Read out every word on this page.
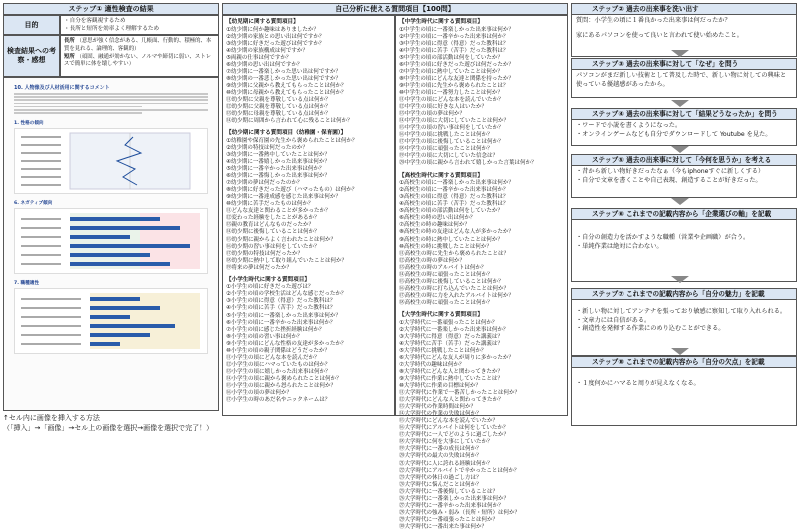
ステップ① 適性検査の結果
目的	・自分を客観視するため
・長所と短所を効率よく理解するため
検査結果への考察・感想
長所 （意思が強く信念がある、几帳面、行動的、積極的、本質を見れる、論理的、客観的）
短所 （頑固、融通が効かない、ノルマや締切に弱い、ストレスで簡単に体を壊しやすい）
10. 人物像及び人材活用に関するコメント
1. 性格の傾向
6. ネガティブ傾向
7. 職種適性
自己分析に使える質問項目【100問】
【幼児期に関する質問項目】
①幼少期に何か趣味はありましたか？
②幼少期の家族との思い出は何ですか？
③幼少期に好きだった遊びは何ですか？
④幼少期の家族構成は何ですか？
⑤両親の仕事は何ですか？
⑥幼少期の思い出は何ですか？
⑦幼少期に一番楽しかった思い出は何ですか？
⑧幼少期の一番悲しかった思い出は何ですか？
⑨幼少期に父親から教えてもらったことは何か？
⑩幼少期に母親から教えてもらったことは何か？
⑪幼少期に父親を尊敬している点は何か？
⑫幼少期に父親を尊敬している点は何か？
⑬幼少期に母親を尊敬している点は何か？
⑭幼少期に周囲から言われて心に残ることは何か？
【幼少期に関する質問項目（幼稚園・保育園）】
①幼稚園や保育園の先生から褒められたことは何か？
②幼少期の特技は何だったのか？
③幼少期に一番熱中していたことは何か？
④幼少期に一番嬉しかった出来事は何か？
⑤幼少期に一番辛かった出来事は何か？
⑥幼少期に一番悔しかった出来事は何か？
⑦幼少期の夢は何だったのか？
⑧幼少期に好きだった遊び（ハマったもの）は何か？
⑨幼少期に一番達成感を感じた出来事は何か？
⑩幼少期に苦手だったものは何か？
⑪どんな友達と関わることが多かったか？
⑫変わった経験をしたことがあるか？
⑬親の教育はどんなものだったか？
⑭幼少期に後悔していることは何か？
⑮幼少期に親からよく言われたことは何か？
⑯幼少期の習い事は何をしていたか？
⑰幼少期の特技は何だったか？
⑱幼少期に熱中して取り組んでいたことは何か？
⑲将来の夢は何だったか？
【小学生時代に関する質問項目】
①小学生の頃に好きだった遊びは？
②小学生の頃の学校生活はどんな感じだったか？
③小学生の頃に得意（得意）だった教科は？
④小学生の頃に苦手（苦手）だった教科は？
⑤小学生の頃に一番楽しかった出来事は何か？
⑥小学生の頃に一番辛かった出来事は何か？
⑦小学生の頃に感じた挫折経験は何か？
⑧小学生の頃の習い事は何か？
⑨小学生の頃にどんな性格の友達が多かったか？
⑩小学生の頃の親子関係はどうだったか？
⑪小学生の頃にどんな本を読んだか？
⑫小学生の頃にハマっていたものは何か？
⑬小学生の頃に嬉しかった出来事は何か？
⑭小学生の頃に親から褒められたことは何か？
⑮小学生の頃に親から怒られたことは何か？
⑯小学生の頃の夢は何か？
⑰小学生の時のあだ名やニックネームは？
【中学生時代に関する質問項目】
①中学生の頃に一番楽しかった出来事は何か？
②中学生の頃に一番辛かった出来事は何か？
③中学生の頃に得意（得意）だった教科は？
④中学生の頃に苦手（苦手）だった教科は？
⑤中学生の頃の部活動は何をしていたか？
⑥中学生の頃に好きだった遊びは何だったか？
⑦中学生の頃に熱中していたことは何か？
⑧中学生の頃にどんな友達と関係を持ったか？
⑨中学生の頃に先生から褒められたことは？
⑩中学生の頃に一番努力したことは何か？
⑪中学生の頃にどんな本を読んでいたか？
⑫中学生の頃に好きな人はいたか？
⑬中学生の頃の夢は何か？
⑭中学生の頃に大切にしていたことは何か？
⑮中学生の頃の習い事は何をしていたか？
⑯中学生の頃に挑戦したことは何か？
⑰中学生の頃に後悔していることは何か？
⑱中学生の頃に頑張ったことは何か？
⑲中学生の頃に大切にしていた信念は？
⑳中学生の頃に親から言われて嬉しかった言葉は何か？
【高校生時代に関する質問項目】
①高校生の頃に一番楽しかった出来事は何か？
②高校生の頃に一番辛かった出来事は何か？
③高校生の頃に得意（得意）だった教科は？
④高校生の頃に苦手（苦手）だった教科は？
⑤高校生の頃の部活動は何をしていたか？
⑥高校生の時の思い出は何か？
⑦高校生の時の趣味は何か？
⑧高校生の時の友達はどんな人が多かったか？
⑨高校生の時に熱中していたことは何か？
⑩高校生の時に挑戦したことは何か？
⑪高校生の時に先生から褒められたことは？
⑫高校生の時の夢は何か？
⑬高校生の時のアルバイトは何か？
⑭高校生の時に頑張ったことは何か？
⑮高校生の時に後悔していることは何か？
⑯高校生の時に打ち込んでいたことは何か？
⑰高校生の時に力を入れたアルバイトは何か？
⑱高校生の時に頑張ったことは何か？
【大学生時代に関する質問項目】
①大学時代に一番頑張ったことは何か？
②大学時代に一番楽しかった出来事は何か？
③大学時代に得意（得意）だった講義は？
④大学時代に苦手（苦手）だった講義は？
⑤大学時代に挑戦したことは何か？
⑥大学時代にどんな友人が周りに多かったか？
⑦大学時代の趣味は何か？
⑧大学時代にどんな人と関わってきたか？
⑨大学時代に作業に熱中していたことは？
⑩大学時代に作業の目標は何か？
⑪大学時代に作業で一番苦しかったことは何か？
⑫大学時代にどんな人と関わってきたか？
⑬大学時代の作業時間は何か？
⑭大学時代の作業の失敗は何か？
⑮大学時代にどんな本を読んでいたか？
⑯大学時代にアルバイトは何をしていたか？
⑰大学時代に一人でどのように過ごしたか？
⑱大学時代に何を大事にしていたか？
⑲大学時代に一番の成長は何か？
⑳大学時代の最大の失敗は何か？
㉑大学時代に人に誇れる経験は何か？
㉒大学時代にアルバイトで辛かったことは何か？
㉓大学時代の休日の過ごし方は？
㉔大学時代に悩んだことは何か？
㉕大学時代に一番後悔していることは？
㉖大学時代に一番楽しかった出来事は何か？
㉗大学時代に一番辛かった出来事は何か？
㉘大学時代の強み・弱み（長所・短所）は何か？
㉙大学時代に一番頑張ったことは何か？
㉚大学時代に一番出来た事は何か？
ステップ② 過去の出来事を洗い出す
質問：小学生の頃に１番良かった出来事は何だったか？
家にあるパソコンを使って良いと言われて使い始めたこと。
ステップ③ 過去の出来事に対して「なぜ」を問う
パソコンがまだ新しい技術として普及した時で、新しい物に対しての興味と使っている優越感があったから。
ステップ④ 過去の出来事に対して「結果どうなったか」を問う
・ワードで小説を書くようになった。
・オンラインゲームなども自分でダウンロードして Youtube を見た。
ステップ⑤ 過去の出来事に対して「今何を思うか」を考える
・昔から新しい物好きだったなぁ（今もiphoneすぐに新しくする）
・自分で文章を書くことや自己表現、創造することが好きだった。
ステップ⑥ これまでの記載内容から「企業選びの軸」を記載
・自分の創造力を活かすような職種（営業や企画職）が合う。
・単純作業は絶対に合わない。
ステップ⑦ これまでの記載内容から「自分の魅力」を記載
・新しい物に対してアンテナを張っており敏感に察知して取り入れられる。
・文章力には自信がある。
・創造性を発揮する作業にのめり込むことができる。
ステップ⑧ これまでの記載内容から「自分の欠点」を記載
・１度何かにハマると周りが見えなくなる。
↑セル内に画像を挿入する方法
（「挿入」→「画像」→セル上の画像を選択→画像を選択で完了！）
